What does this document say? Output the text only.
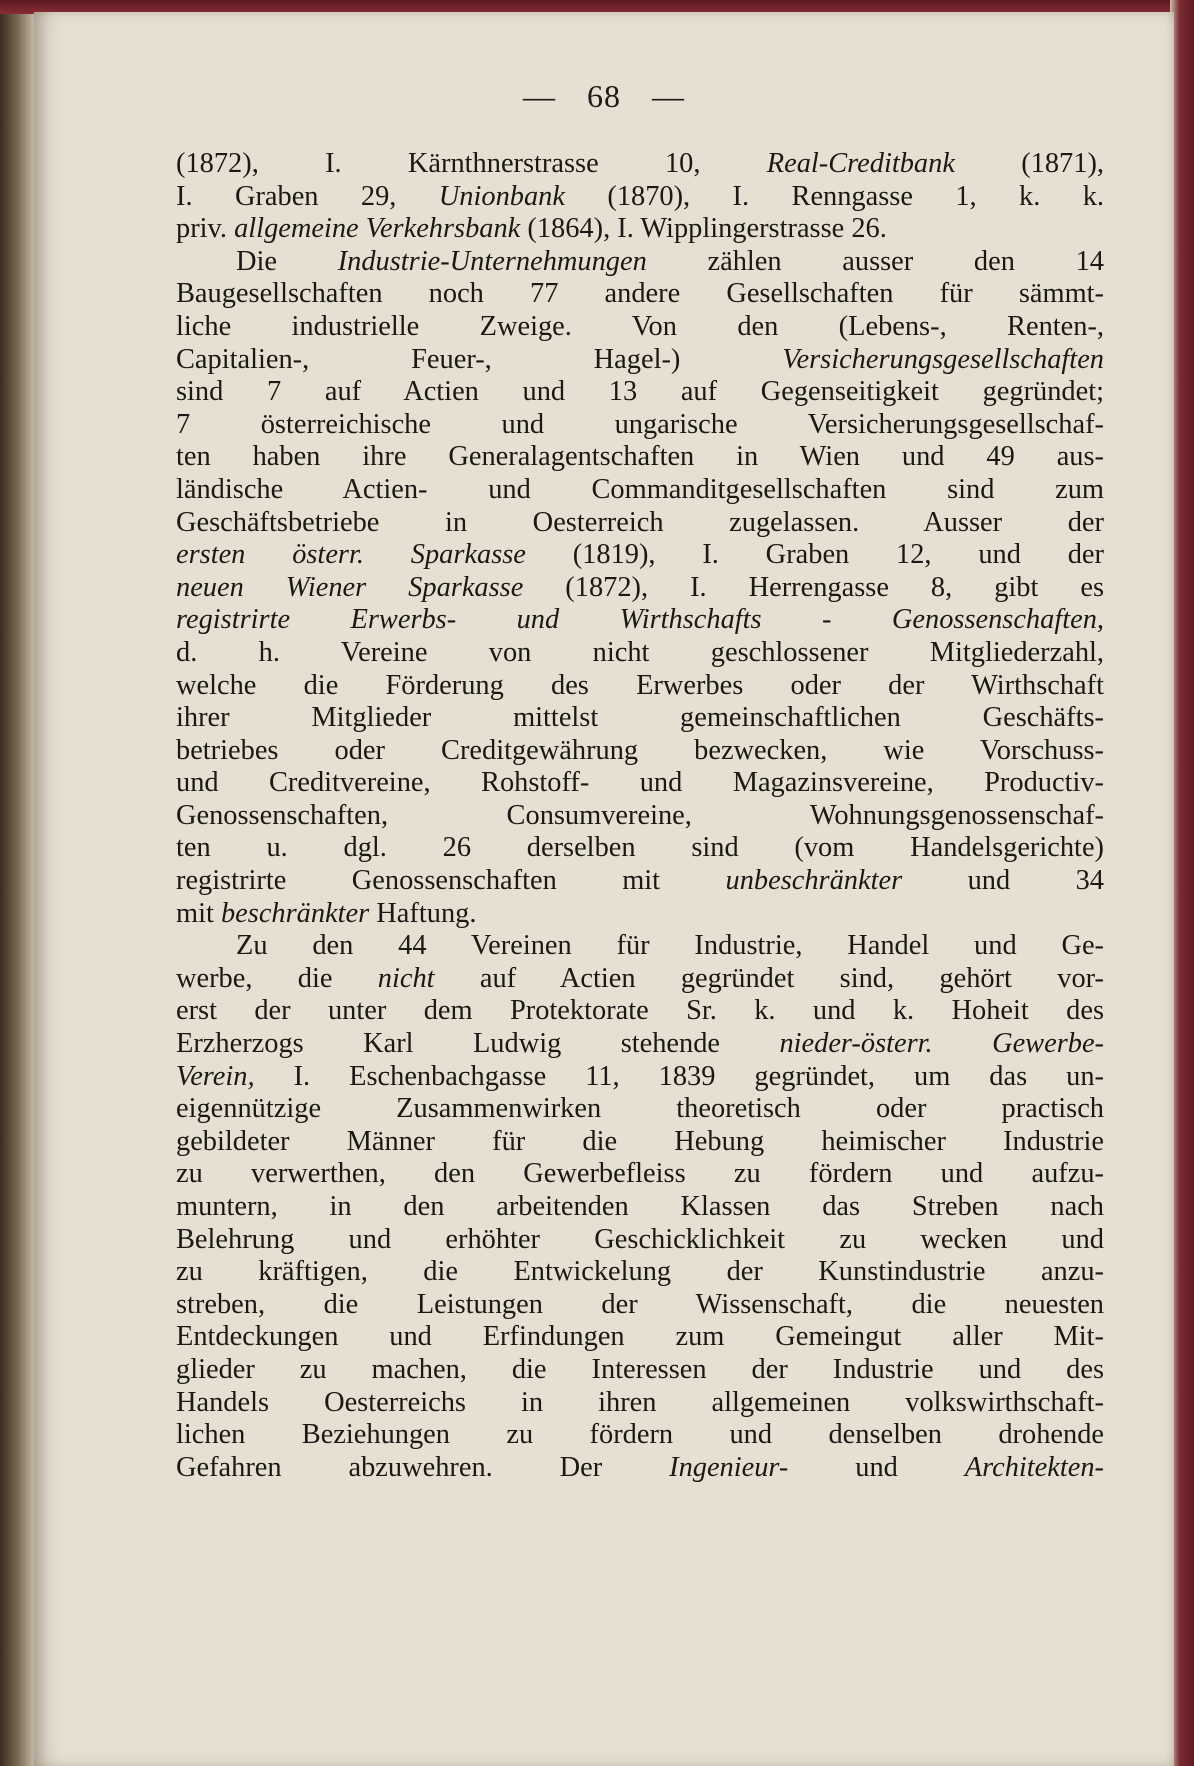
— 68 —
(1872), I. Kärnthnerstrasse 10, Real-Creditbank (1871),
I. Graben 29, Unionbank (1870), I. Renngasse 1, k. k.
priv. allgemeine Verkehrsbank (1864), I. Wipplingerstrasse 26.
Die Industrie-Unternehmungen zählen ausser den 14
Baugesellschaften noch 77 andere Gesellschaften für sämmt-
liche industrielle Zweige. Von den (Lebens-, Renten-,
Capitalien-, Feuer-, Hagel-) Versicherungsgesellschaften
sind 7 auf Actien und 13 auf Gegenseitigkeit gegründet;
7 österreichische und ungarische Versicherungsgesellschaf-
ten haben ihre Generalagentschaften in Wien und 49 aus-
ländische Actien- und Commanditgesellschaften sind zum
Geschäftsbetriebe in Oesterreich zugelassen. Ausser der
ersten österr. Sparkasse (1819), I. Graben 12, und der
neuen Wiener Sparkasse (1872), I. Herrengasse 8, gibt es
registrirte Erwerbs- und Wirthschafts - Genossenschaften,
d. h. Vereine von nicht geschlossener Mitgliederzahl,
welche die Förderung des Erwerbes oder der Wirthschaft
ihrer Mitglieder mittelst gemeinschaftlichen Geschäfts-
betriebes oder Creditgewährung bezwecken, wie Vorschuss-
und Creditvereine, Rohstoff- und Magazinsvereine, Productiv-
Genossenschaften, Consumvereine, Wohnungsgenossenschaf-
ten u. dgl. 26 derselben sind (vom Handelsgerichte)
registrirte Genossenschaften mit unbeschränkter und 34
mit beschränkter Haftung.
Zu den 44 Vereinen für Industrie, Handel und Ge-
werbe, die nicht auf Actien gegründet sind, gehört vor-
erst der unter dem Protektorate Sr. k. und k. Hoheit des
Erzherzogs Karl Ludwig stehende nieder-österr. Gewerbe-
Verein, I. Eschenbachgasse 11, 1839 gegründet, um das un-
eigennützige Zusammenwirken theoretisch oder practisch
gebildeter Männer für die Hebung heimischer Industrie
zu verwerthen, den Gewerbefleiss zu fördern und aufzu-
muntern, in den arbeitenden Klassen das Streben nach
Belehrung und erhöhter Geschicklichkeit zu wecken und
zu kräftigen, die Entwickelung der Kunstindustrie anzu-
streben, die Leistungen der Wissenschaft, die neuesten
Entdeckungen und Erfindungen zum Gemeingut aller Mit-
glieder zu machen, die Interessen der Industrie und des
Handels Oesterreichs in ihren allgemeinen volkswirthschaft-
lichen Beziehungen zu fördern und denselben drohende
Gefahren abzuwehren. Der Ingenieur- und Architekten-
